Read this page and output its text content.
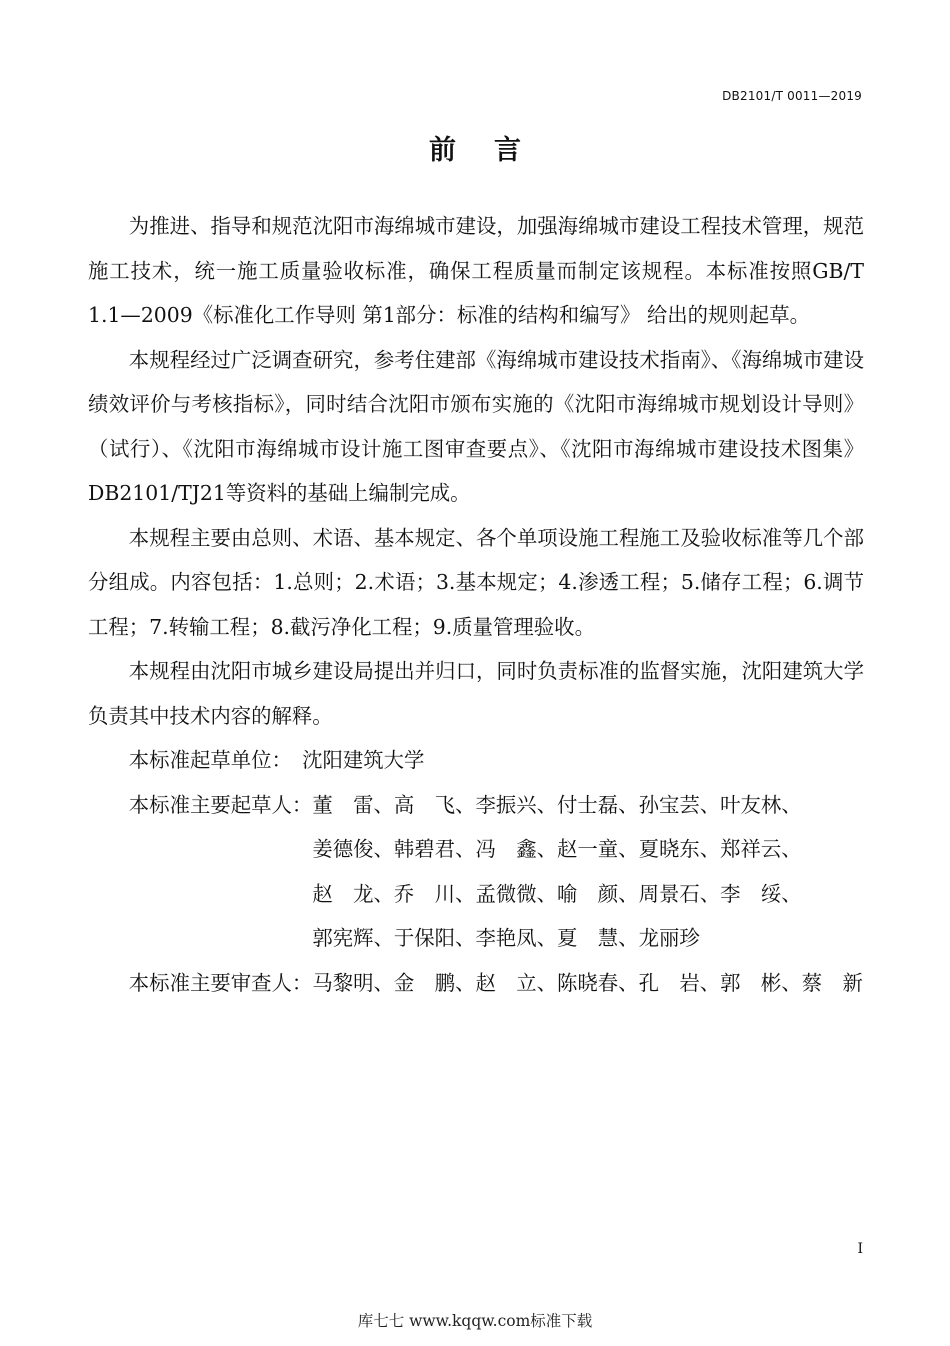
DB2101/T 0011—2019
前言

为推进、指导和规范沈阳市海绵城市建设，加强海绵城市建设工程技术管理，规范施工技术，统一施工质量验收标准，确保工程质量而制定该规程。本标准按照GB/T 1.1—2009《标准化工作导则 第1部分：标准的结构和编写》 给出的规则起草。

本规程经过广泛调查研究，参考住建部《海绵城市建设技术指南》、《海绵城市建设绩效评价与考核指标》，同时结合沈阳市颁布实施的《沈阳市海绵城市规划设计导则》（试行）、《沈阳市海绵城市设计施工图审查要点》、《沈阳市海绵城市建设技术图集》DB2101/TJ21等资料的基础上编制完成。

本规程主要由总则、术语、基本规定、各个单项设施工程施工及验收标准等几个部分组成。内容包括：1.总则；2.术语；3.基本规定；4.渗透工程；5.储存工程；6.调节工程；7.转输工程；8.截污净化工程；9.质量管理验收。

本规程由沈阳市城乡建设局提出并归口，同时负责标准的监督实施，沈阳建筑大学负责其中技术内容的解释。

本标准起草单位： 沈阳建筑大学
本标准主要起草人： 董　雷、 高　飞、 李振兴、 付士磊、 孙宝芸、 叶友林、
姜德俊、 韩碧君、 冯　鑫、 赵一童、 夏晓东、 郑祥云、
赵　龙、 乔　川、 孟微微、 喻　颜、 周景石、 李　绥、
郭宪辉、 于保阳、 李艳凤、 夏　慧、 龙丽珍
本标准主要审查人： 马黎明、 金　鹏、 赵　立、 陈晓春、 孔　岩、 郭　彬、 蔡　新
I
库七七 www.kqqw.com标准下载
